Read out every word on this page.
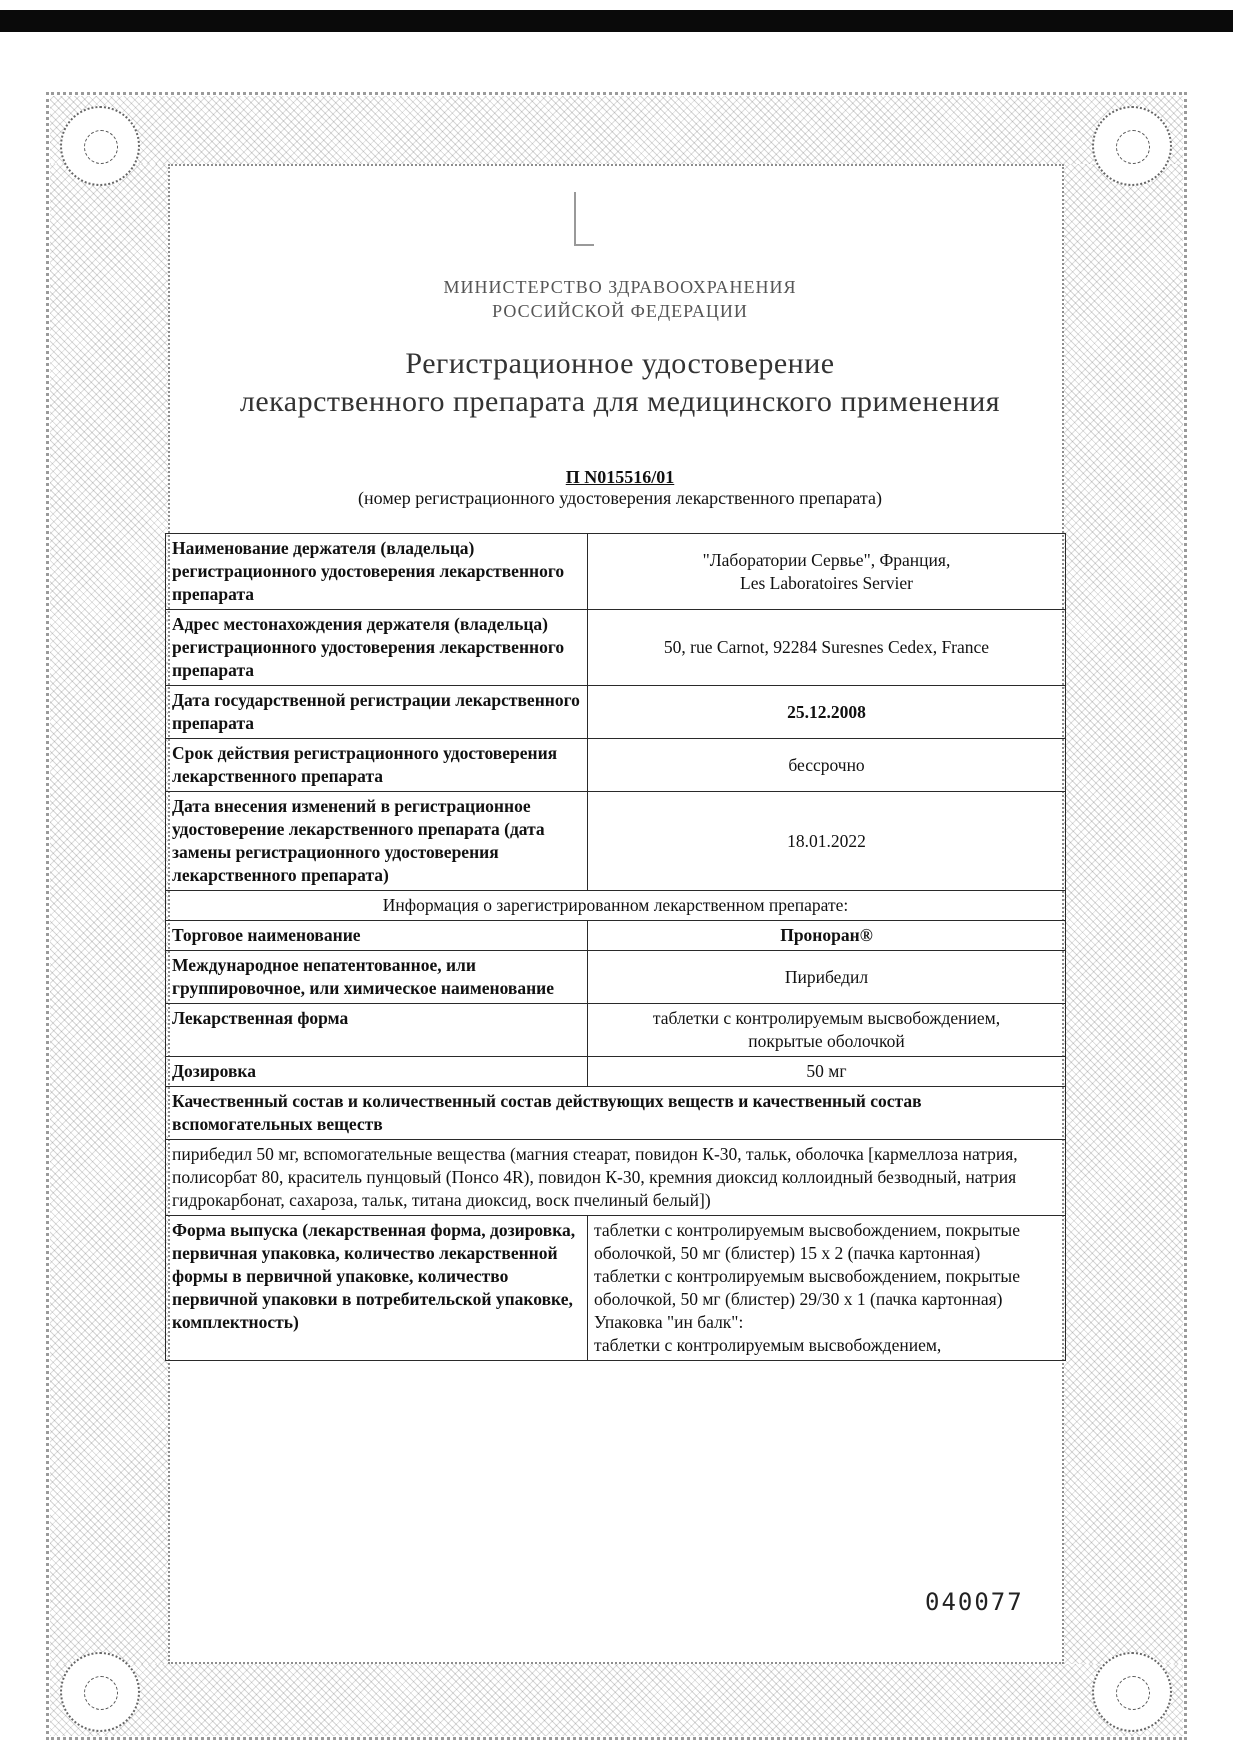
МИНИСТЕРСТВО ЗДРАВООХРАНЕНИЯ
РОССИЙСКОЙ ФЕДЕРАЦИИ
Регистрационное удостоверение
лекарственного препарата для медицинского применения
П N015516/01
(номер регистрационного удостоверения лекарственного препарата)
Наименование держателя (владельца) регистрационного удостоверения лекарственного препарата	"Лаборатории Сервье", Франция,
Les Laboratoires Servier

Адрес местонахождения держателя (владельца) регистрационного удостоверения лекарственного препарата	50, rue Carnot, 92284 Suresnes Cedex, France
Дата государственной регистрации лекарственного препарата	25.12.2008
Срок действия регистрационного удостоверения лекарственного препарата	бессрочно
Дата внесения изменений в регистрационное удостоверение лекарственного препарата (дата замены регистрационного удостоверения лекарственного препарата)	18.01.2022
Информация о зарегистрированном лекарственном препарате:	
Торговое наименование	Проноран®
Международное непатентованное, или группировочное, или химическое наименование	Пирибедил
Лекарственная форма	таблетки с контролируемым высвобождением,
покрытые оболочкой

Дозировка	50 мг
Качественный состав и количественный состав действующих веществ и качественный состав вспомогательных веществ	
пирибедил 50 мг, вспомогательные вещества (магния стеарат, повидон К-30, тальк, оболочка [кармеллоза натрия, полисорбат 80, краситель пунцовый (Понсо 4R), повидон К-30, кремния диоксид коллоидный безводный, натрия гидрокарбонат, сахароза, тальк, титана диоксид, воск пчелиный белый])	
Форма выпуска (лекарственная форма, дозировка, первичная упаковка, количество лекарственной формы в первичной упаковке, количество первичной упаковки в потребительской упаковке, комплектность)	таблетки с контролируемым высвобождением, покрытые оболочкой, 50 мг (блистер) 15 х 2 (пачка картонная)
таблетки с контролируемым высвобождением, покрытые оболочкой, 50 мг (блистер) 29/30 х 1 (пачка картонная)
Упаковка "ин балк":
таблетки с контролируемым высвобождением,
040077
